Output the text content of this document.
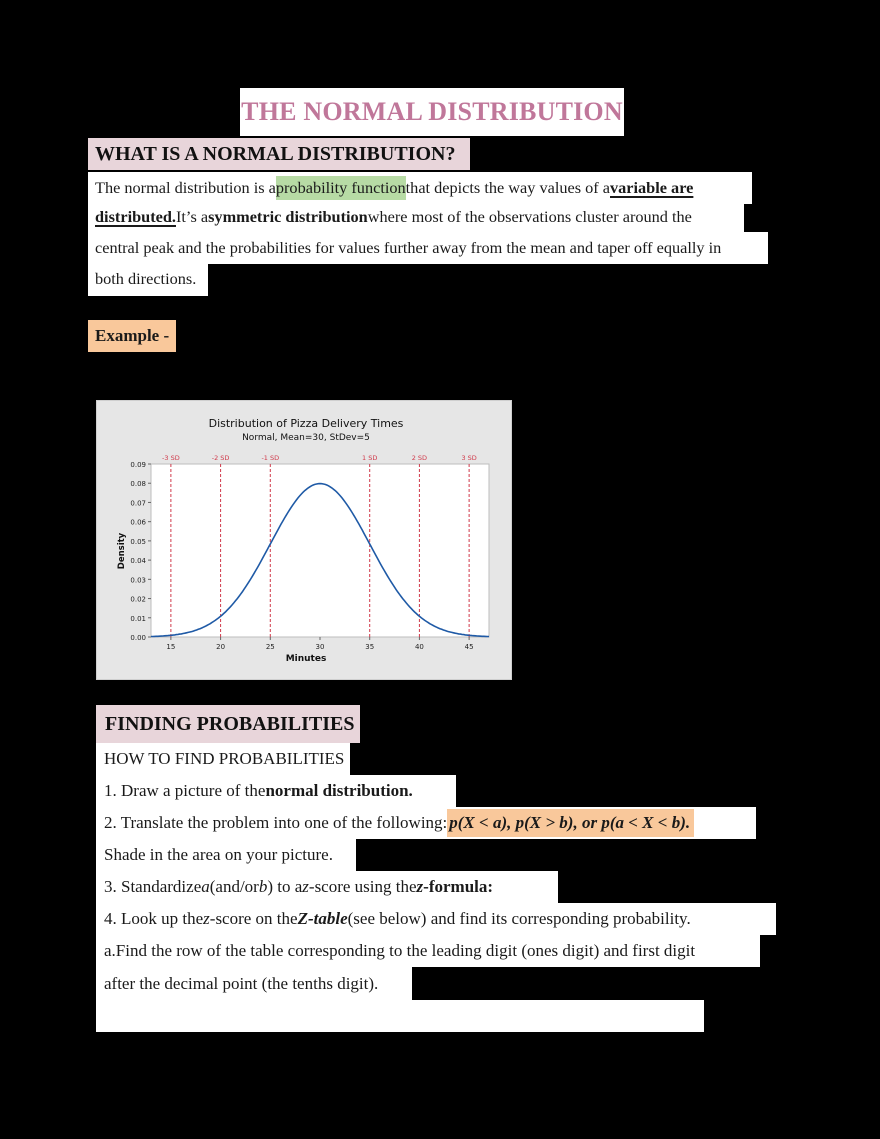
THE NORMAL DISTRIBUTION
WHAT IS A NORMAL DISTRIBUTION?
The normal distribution is a probability function that depicts the way values of a variable are
distributed. It’s a symmetric distribution where most of the observations cluster around the
central peak and the probabilities for values further away from the mean and taper off equally in
both directions.
Example -
Distribution of Pizza Delivery Times
Normal, Mean=30, StDev=5
0.00
0.01
0.02
0.03
0.04
0.05
0.06
0.07
0.08
0.09
15	20	25	30	35	40	45
-3 SD	-2 SD	-1 SD	1 SD	2 SD	3 SD
Minutes
Density
FINDING PROBABILITIES
HOW TO FIND PROBABILITIES
1. Draw a picture of the normal distribution.
2. Translate the problem into one of the following: p(X < a), p(X > b), or p(a < X < b).
Shade in the area on your picture.
3. Standardize a (and/or b ) to a z -score using the z-formula:
4. Look up the z -score on the Z-table (see below) and find its corresponding probability.
a.Find the row of the table corresponding to the leading digit (ones digit) and first digit
after the decimal point (the tenths digit).
